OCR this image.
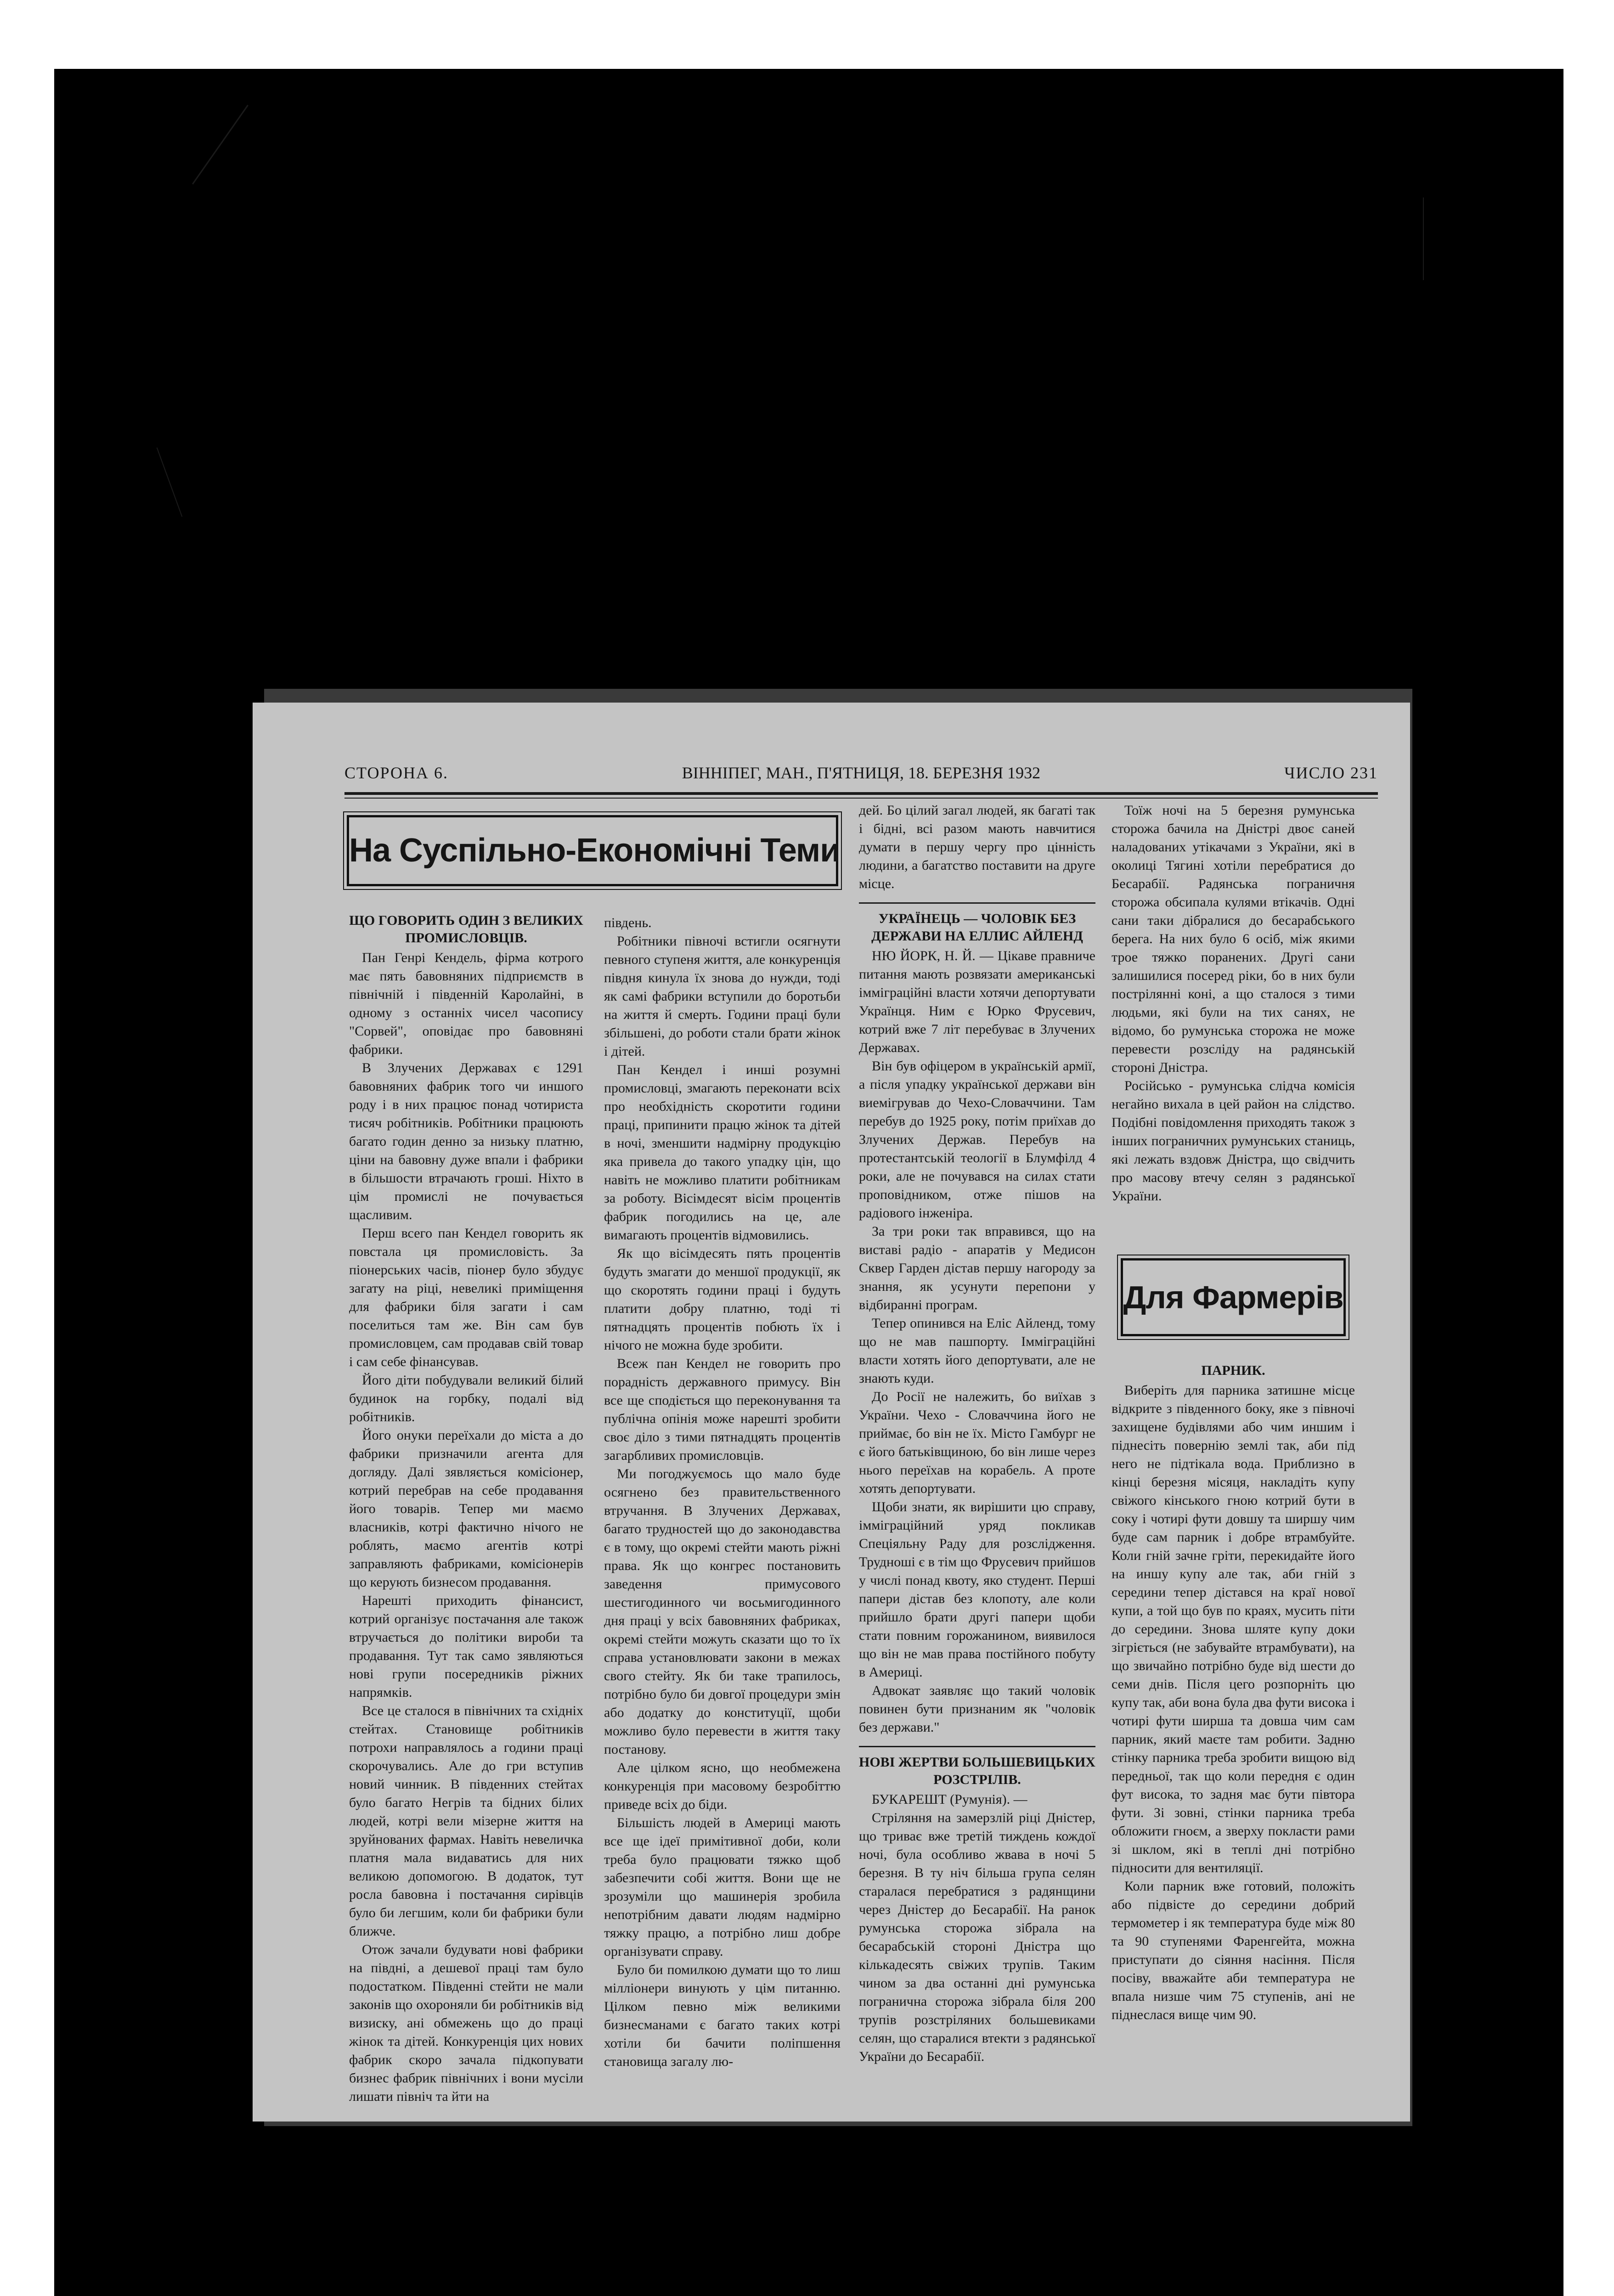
СТОРОНА 6.	ВІННІПЕГ, МАН., П'ЯТНИЦЯ, 18. БЕРЕЗНЯ 1932	ЧИСЛО 231
На Суспільно-Економічні Теми
ЩО ГОВОРИТЬ ОДИН З ВЕЛИКИХ ПРОМИСЛОВЦІВ.

Пан Генрі Кендель, фірма котрого має пять бавовняних підприємств в північній і південній Каролайні, в одному з останніх чисел часопису "Сорвей", оповідає про бавовняні фабрики.

В Злучених Державах є 1291 бавовняних фабрик того чи иншого роду і в них працює понад чотириста тисяч робітників. Робітники працюють багато годин денно за низьку платню, ціни на бавовну дуже впали і фабрики в більшости втрачають гроші. Ніхто в цім промислі не почувається щасливим.

Перш всего пан Кендел говорить як повстала ця промисловість. За піонерських часів, піонер було збудує загату на ріці, невеликі приміщення для фабрики біля загати і сам поселиться там же. Він сам був промисловцем, сам продавав свій товар і сам себе фінансував.

Його діти побудували великий білий будинок на горбку, подалі від робітників.

Його онуки переїхали до міста а до фабрики призначили агента для догляду. Далі зявляється комісіонер, котрий перебрав на себе продавання його товарів. Тепер ми маємо власників, котрі фактично нічого не роблять, маємо агентів котрі заправляють фабриками, комісіонерів що керують бизнесом продавання.

Нарешті приходить фінансист, котрий організує постачання але також втручається до політики вироби та продавання. Тут так само зявляються нові групи посередників ріжних напрямків.

Все це сталося в північних та східніх стейтах. Становище робітників потрохи направлялось а години праці скорочувались. Але до гри вступив новий чинник. В південних стейтах було багато Негрів та бідних білих людей, котрі вели мізерне життя на зруйнованих фармах. Навіть невеличка платня мала видаватись для них великою допомогою. В додаток, тут росла бавовна і постачання сирівців було би легшим, коли би фабрики були ближче.

Отож зачали будувати нові фабрики на півдні, а дешевої праці там було подостатком. Південні стейти не мали законів що охороняли би робітників від визиску, ані обмежень що до праці жінок та дітей. Конкуренція цих нових фабрик скоро зачала підкопувати бизнес фабрик північних і вони мусіли лишати північ та йти на

південь.

Робітники півночі встигли осягнути певного ступеня життя, але конкуренція півдня кинула їх знова до нужди, тоді як самі фабрики вступили до боротьби на життя й смерть. Години праці були збільшені, до роботи стали брати жінок і дітей.

Пан Кендел і инші розумні промисловці, змагають переконати всіх про необхідність скоротити години праці, припинити працю жінок та дітей в ночі, зменшити надмірну продукцію яка привела до такого упадку цін, що навіть не можливо платити робітникам за роботу. Вісімдесят вісім процентів фабрик погодились на це, але вимагають процентів відмовились.

Як що вісімдесять пять процентів будуть змагати до меншої продукції, як що скоротять години праці і будуть платити добру платню, тоді ті пятнадцять процентів побють їх і нічого не можна буде зробити.

Всеж пан Кендел не говорить про порадність державного примусу. Він все ще сподіється що переконування та публічна опінія може нарешті зробити своє діло з тими пятнадцять процентів загарбливих промисловців.

Ми погоджуємось що мало буде осягнено без правительственного втручання. В Злучених Державах, багато трудностей що до законодавства є в тому, що окремі стейти мають ріжні права. Як що конгрес постановить заведення примусового шестигодинного чи восьмигодинного дня праці у всіх бавовняних фабриках, окремі стейти можуть сказати що то їх справа установлювати закони в межах свого стейту. Як би таке трапилось, потрібно було би довгої процедури змін або додатку до конституції, щоби можливо було перевести в життя таку постанову.

Але цілком ясно, що необмежена конкуренція при масовому безробіттю приведе всіх до біди.

Більшість людей в Америці мають все ще ідеї примітивної доби, коли треба було працювати тяжко щоб забезпечити собі життя. Вони ще не зрозуміли що машинерія зробила непотрібним давати людям надмірно тяжку працю, а потрібно лиш добре організувати справу.

Було би помилкою думати що то лиш мілліонери винують у цім питанню. Цілком певно між великими бизнесманами є багато таких котрі хотіли би бачити поліпшення становища загалу лю-

дей. Бо цілий загал людей, як багаті так і бідні, всі разом мають навчитися думати в першу чергу про цінність людини, а багатство поставити на друге місце.

УКРАЇНЕЦЬ — ЧОЛОВІК БЕЗ ДЕРЖАВИ НА ЕЛЛИС АЙЛЕНД

НЮ ЙОРК, Н. Й. — Цікаве правниче питання мають розвязати американські імміграційні власти хотячи депортувати Українця. Ним є Юрко Фрусевич, котрий вже 7 літ перебуває в Злучених Державах.

Він був офіцером в українській армії, а після упадку української держави він виемігрував до Чехо-Словаччини. Там перебув до 1925 року, потім приїхав до Злучених Держав. Перебув на протестантській теології в Блумфілд 4 роки, але не почувався на силах стати проповідником, отже пішов на радіового інженіра.

За три роки так вправився, що на виставі радіо - апаратів у Медисон Сквер Гарден дістав першу нагороду за знання, як усунути перепони у відбиранні програм.

Тепер опинився на Еліс Айленд, тому що не мав пашпорту. Імміграційні власти хотять його депортувати, але не знають куди.

До Росії не належить, бо виїхав з України. Чехо - Словаччина його не приймає, бо він не їх. Місто Гамбург не є його батьківщиною, бо він лише через нього переїхав на корабель. А проте хотять депортувати.

Щоби знати, як вирішити цю справу, імміграційний уряд покликав Спеціяльну Раду для розслідження. Трудноші є в тім що Фрусевич прийшов у числі понад квоту, яко студент. Перші папери дістав без клопоту, але коли прийшло брати другі папери щоби стати повним горожанином, виявилося що він не мав права постійного побуту в Америці.

Адвокат заявляє що такий чоловік повинен бути признаним як "чоловік без держави."

НОВІ ЖЕРТВИ БОЛЬШЕВИЦЬКИХ РОЗСТРІЛІВ.

БУКАРЕШТ (Румунія). —

Стріляння на замерзлій ріці Дністер, що триває вже третій тиждень кождої ночі, була особливо жвава в ночі 5 березня. В ту ніч більша група селян старалася перебратися з радянщини через Дністер до Бесарабії. На ранок румунська сторожа зібрала на бесарабській стороні Дністра що кількадесять свіжих трупів. Таким чином за два останні дні румунська погранична сторожа зібрала біля 200 трупів розстріляних большевиками селян, що старалися втекти з радянської України до Бесарабії.

Тоїж ночі на 5 березня румунська сторожа бачила на Дністрі двоє саней наладованих утікачами з України, які в околиці Тягині хотіли перебратися до Бесарабії. Радянська пограничня сторожа обсипала кулями втікачів. Одні сани таки дібралися до бесарабського берега. На них було 6 осіб, між якими трое тяжко поранених. Другі сани залишилися посеред ріки, бо в них були пострілянні коні, а що сталося з тими людьми, які були на тих санях, не відомо, бо румунська сторожа не може перевести розсліду на радянській стороні Дністра.

Російсько - румунська слідча комісія негайно вихала в цей район на слідство. Подібні повідомлення приходять також з інших пограничних румунських станиць, які лежать вздовж Дністра, що свідчить про масову втечу селян з радянської України.

Для Фармерів
ПАРНИК.

Виберіть для парника затишне місце відкрите з південного боку, яке з півночі захищене будівлями або чим иншим і піднесіть повернію землі так, аби під него не підтікала вода. Приблизно в кінці березня місяця, накладіть купу свіжого кінського гною котрий бути в соку і чотирі фути довшу та ширшу чим буде сам парник і добре втрамбуйте. Коли гній зачне гріти, перекидайте його на иншу купу але так, аби гній з середини тепер дістався на краї нової купи, а той що був по краях, мусить піти до середини. Знова шляте купу доки зігріється (не забувайте втрамбувати), на що звичайно потрібно буде від шести до семи днів. Після цего розпорніть цю купу так, аби вона була два фути висока і чотирі фути ширша та довша чим сам парник, який маєте там робити. Задню стінку парника треба зробити вищою від передньої, так що коли передня є один фут висока, то задня має бути півтора фути. Зі зовні, стінки парника треба обложити гноєм, а зверху покласти рами зі шклом, які в теплі дні потрібно підносити для вентиляції.

Коли парник вже готовий, положіть або підвісте до середини добрий термометер і як температура буде між 80 та 90 ступенями Фаренгейта, можна приступати до сіяння насіння. Після посіву, вважайте аби температура не впала низше чим 75 ступенів, ані не піднеслася вище чим 90.
